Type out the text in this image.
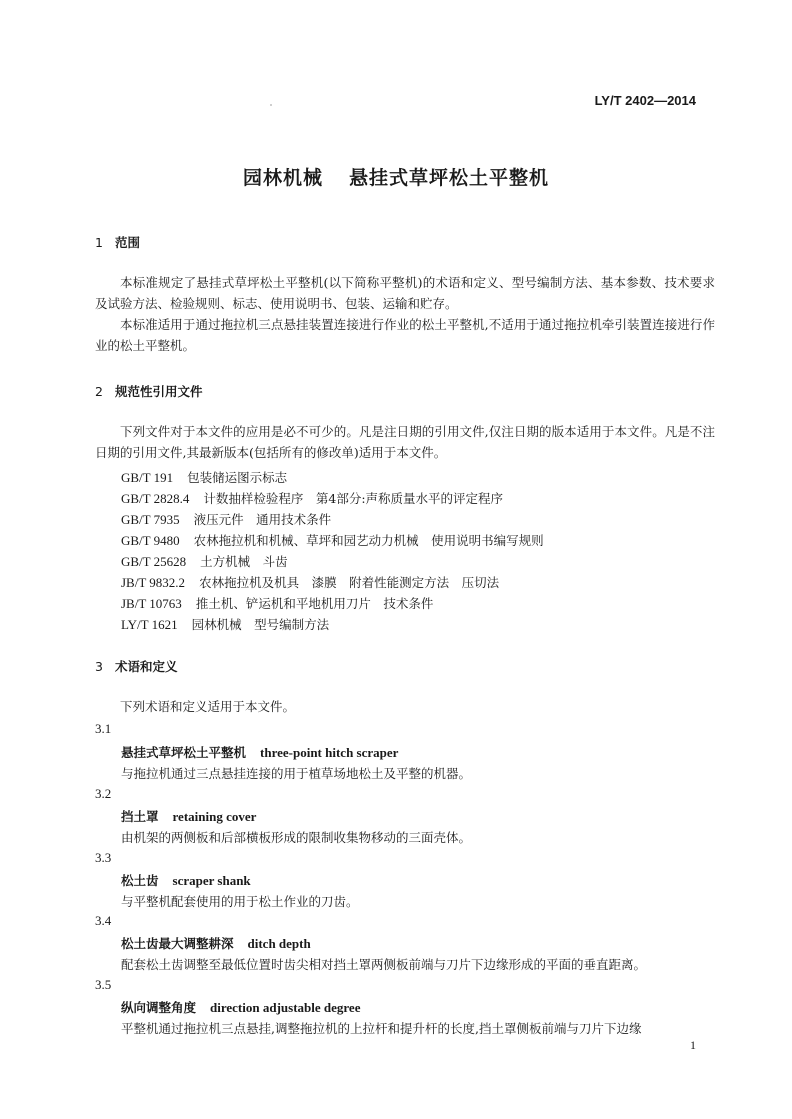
LY/T 2402—2014
园林机械 悬挂式草坪松土平整机
1 范围
本标准规定了悬挂式草坪松土平整机(以下简称平整机)的术语和定义、型号编制方法、基本参数、技术要求及试验方法、检验规则、标志、使用说明书、包装、运输和贮存。
本标准适用于通过拖拉机三点悬挂装置连接进行作业的松土平整机,不适用于通过拖拉机牵引装置连接进行作业的松土平整机。
2 规范性引用文件
下列文件对于本文件的应用是必不可少的。凡是注日期的引用文件,仅注日期的版本适用于本文件。凡是不注日期的引用文件,其最新版本(包括所有的修改单)适用于本文件。
GB/T 191 包装储运图示标志
GB/T 2828.4 计数抽样检验程序　第4部分:声称质量水平的评定程序
GB/T 7935 液压元件　通用技术条件
GB/T 9480 农林拖拉机和机械、草坪和园艺动力机械　使用说明书编写规则
GB/T 25628 土方机械　斗齿
JB/T 9832.2 农林拖拉机及机具　漆膜　附着性能测定方法　压切法
JB/T 10763 推土机、铲运机和平地机用刀片　技术条件
LY/T 1621 园林机械　型号编制方法
3 术语和定义
下列术语和定义适用于本文件。
3.1
悬挂式草坪松土平整机 three-point hitch scraper
与拖拉机通过三点悬挂连接的用于植草场地松土及平整的机器。
3.2
挡土罩 retaining cover
由机架的两侧板和后部横板形成的限制收集物移动的三面壳体。
3.3
松土齿 scraper shank
与平整机配套使用的用于松土作业的刀齿。
3.4
松土齿最大调整耕深 ditch depth
配套松土齿调整至最低位置时齿尖相对挡土罩两侧板前端与刀片下边缘形成的平面的垂直距离。
3.5
纵向调整角度 direction adjustable degree
平整机通过拖拉机三点悬挂,调整拖拉机的上拉杆和提升杆的长度,挡土罩侧板前端与刀片下边缘
1
